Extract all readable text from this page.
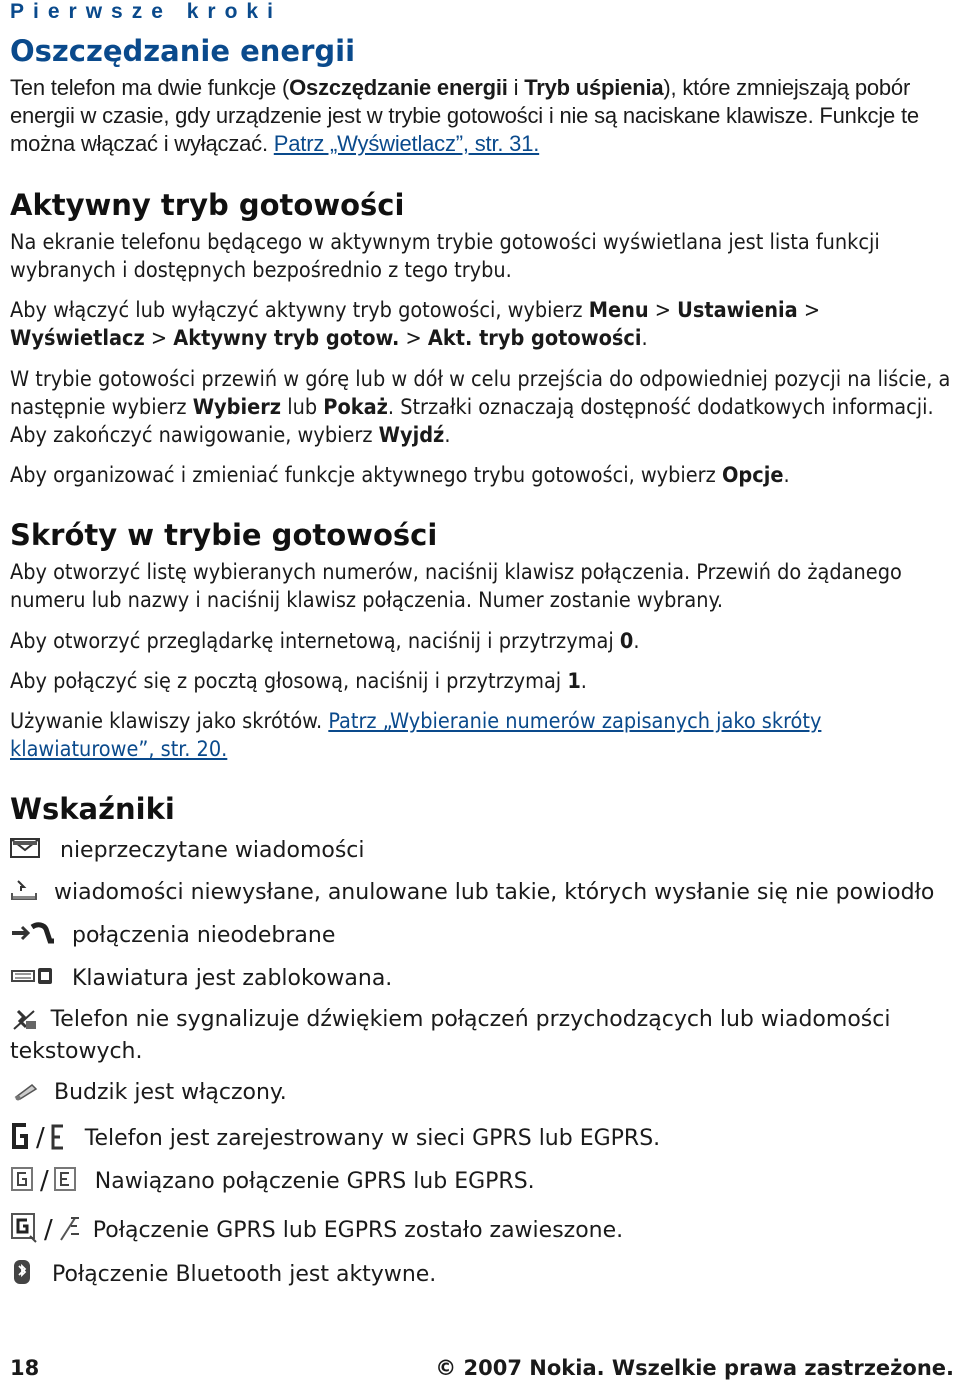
Pierwsze kroki
Oszczędzanie energii

Ten telefon ma dwie funkcje (Oszczędzanie energii i Tryb uśpienia), które zmniejszają pobór energii w czasie, gdy urządzenie jest w trybie gotowości i nie są naciskane klawisze. Funkcje te można włączać i wyłączać. Patrz „Wyświetlacz”, str. 31.

Aktywny tryb gotowości

Na ekranie telefonu będącego w aktywnym trybie gotowości wyświetlana jest lista funkcji wybranych i dostępnych bezpośrednio z tego trybu.

Aby włączyć lub wyłączyć aktywny tryb gotowości, wybierz Menu > Ustawienia > Wyświetlacz > Aktywny tryb gotow. > Akt. tryb gotowości.

W trybie gotowości przewiń w górę lub w dół w celu przejścia do odpowiedniej pozycji na liście, a następnie wybierz Wybierz lub Pokaż. Strzałki oznaczają dostępność dodatkowych informacji. Aby zakończyć nawigowanie, wybierz Wyjdź.

Aby organizować i zmieniać funkcje aktywnego trybu gotowości, wybierz Opcje.

Skróty w trybie gotowości

Aby otworzyć listę wybieranych numerów, naciśnij klawisz połączenia. Przewiń do żądanego numeru lub nazwy i naciśnij klawisz połączenia. Numer zostanie wybrany.

Aby otworzyć przeglądarkę internetową, naciśnij i przytrzymaj 0.

Aby połączyć się z pocztą głosową, naciśnij i przytrzymaj 1.

Używanie klawiszy jako skrótów. Patrz „Wybieranie numerów zapisanych jako skróty klawiaturowe”, str. 20.

Wskaźniki
nieprzeczytane wiadomości
wiadomości niewysłane, anulowane lub takie, których wysłanie się nie powiodło
połączenia nieodebrane
Klawiatura jest zablokowana.
Telefon nie sygnalizuje dźwiękiem połączeń przychodzących lub wiadomości tekstowych.
Budzik jest włączony.
/ Telefon jest zarejestrowany w sieci GPRS lub EGPRS.
/ Nawiązano połączenie GPRS lub EGPRS.
/ Połączenie GPRS lub EGPRS zostało zawieszone.
Połączenie Bluetooth jest aktywne.
18	© 2007 Nokia. Wszelkie prawa zastrzeżone.
